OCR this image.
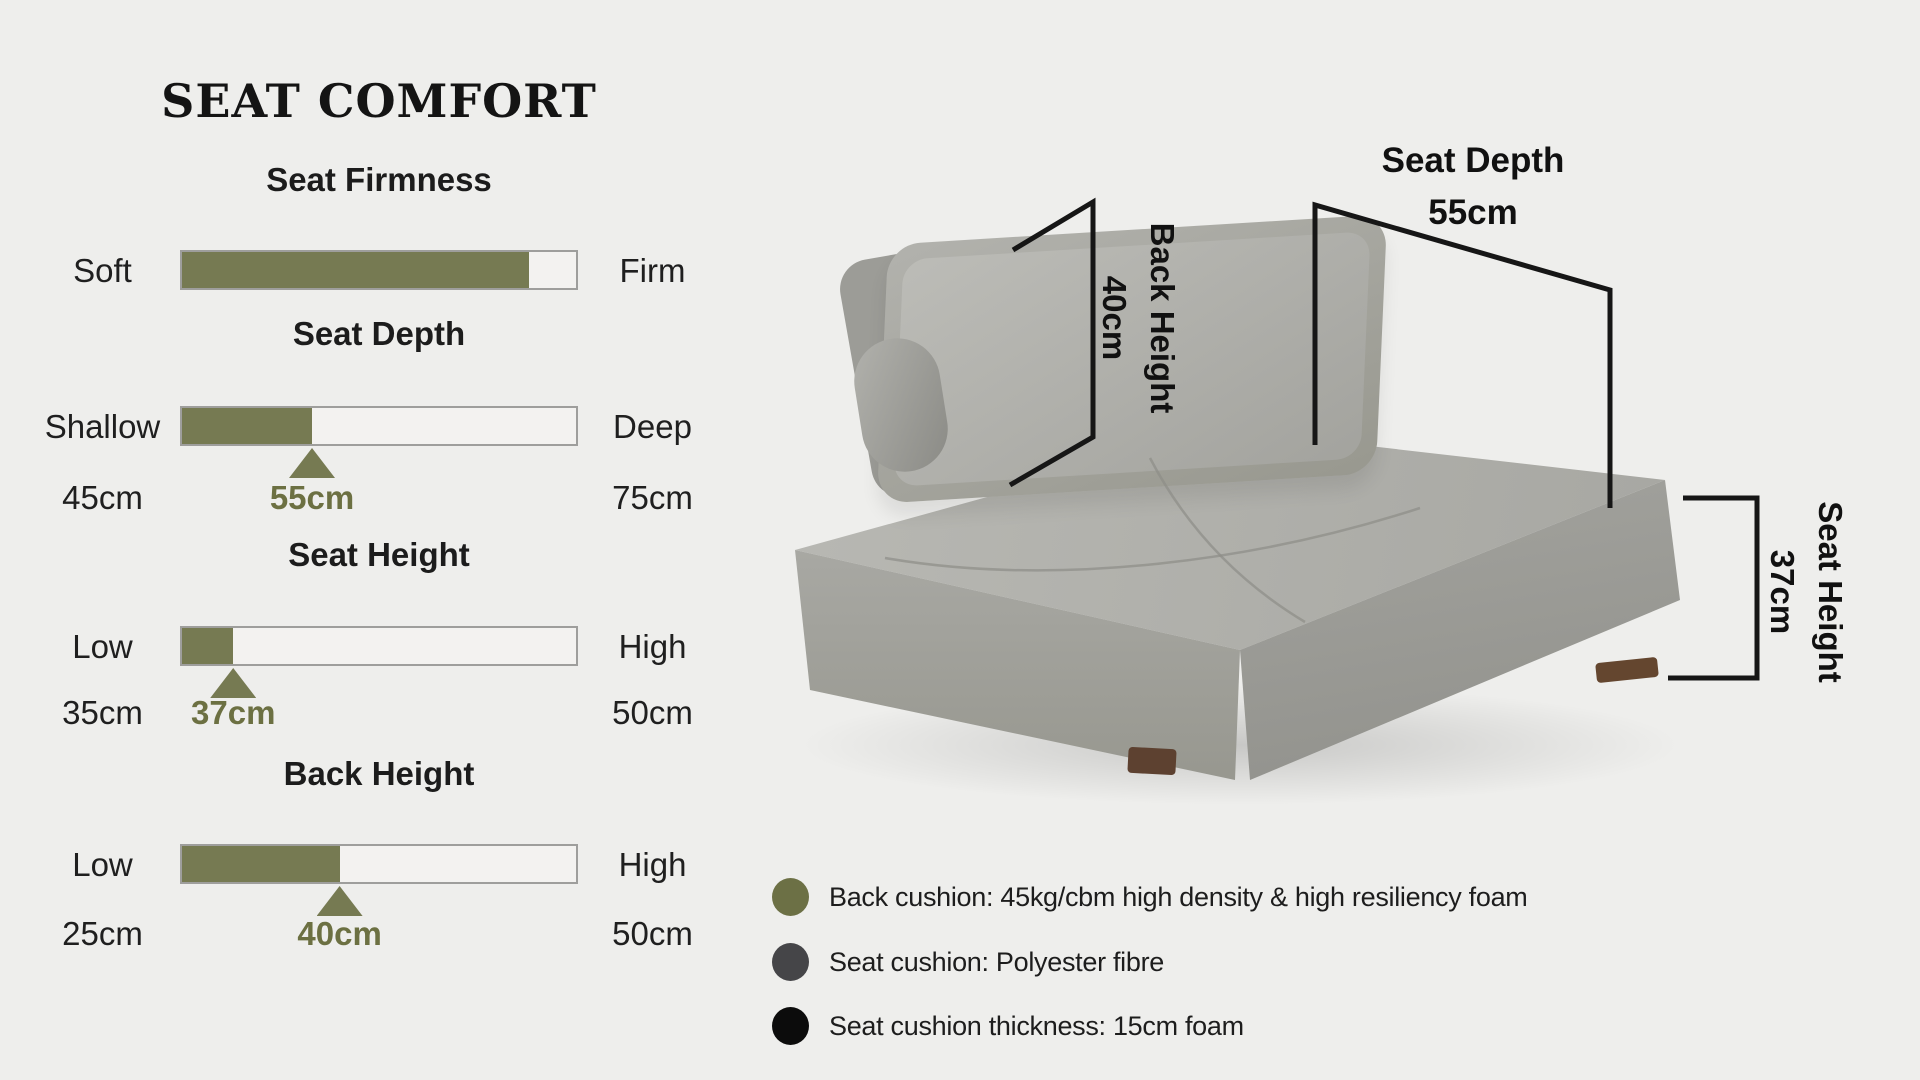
SEAT COMFORT
Seat Firmness
Soft	Firm
Seat Depth
Shallow	Deep
45cm	55cm	75cm
Seat Height
Low	High
35cm	37cm	50cm
Back Height
Low	High
25cm	40cm	50cm
Seat Depth
55cm
Back Height
40cm
Seat Height
37cm
Back cushion: 45kg/cbm high density & high resiliency foam
Seat cushion: Polyester fibre
Seat cushion thickness: 15cm foam
